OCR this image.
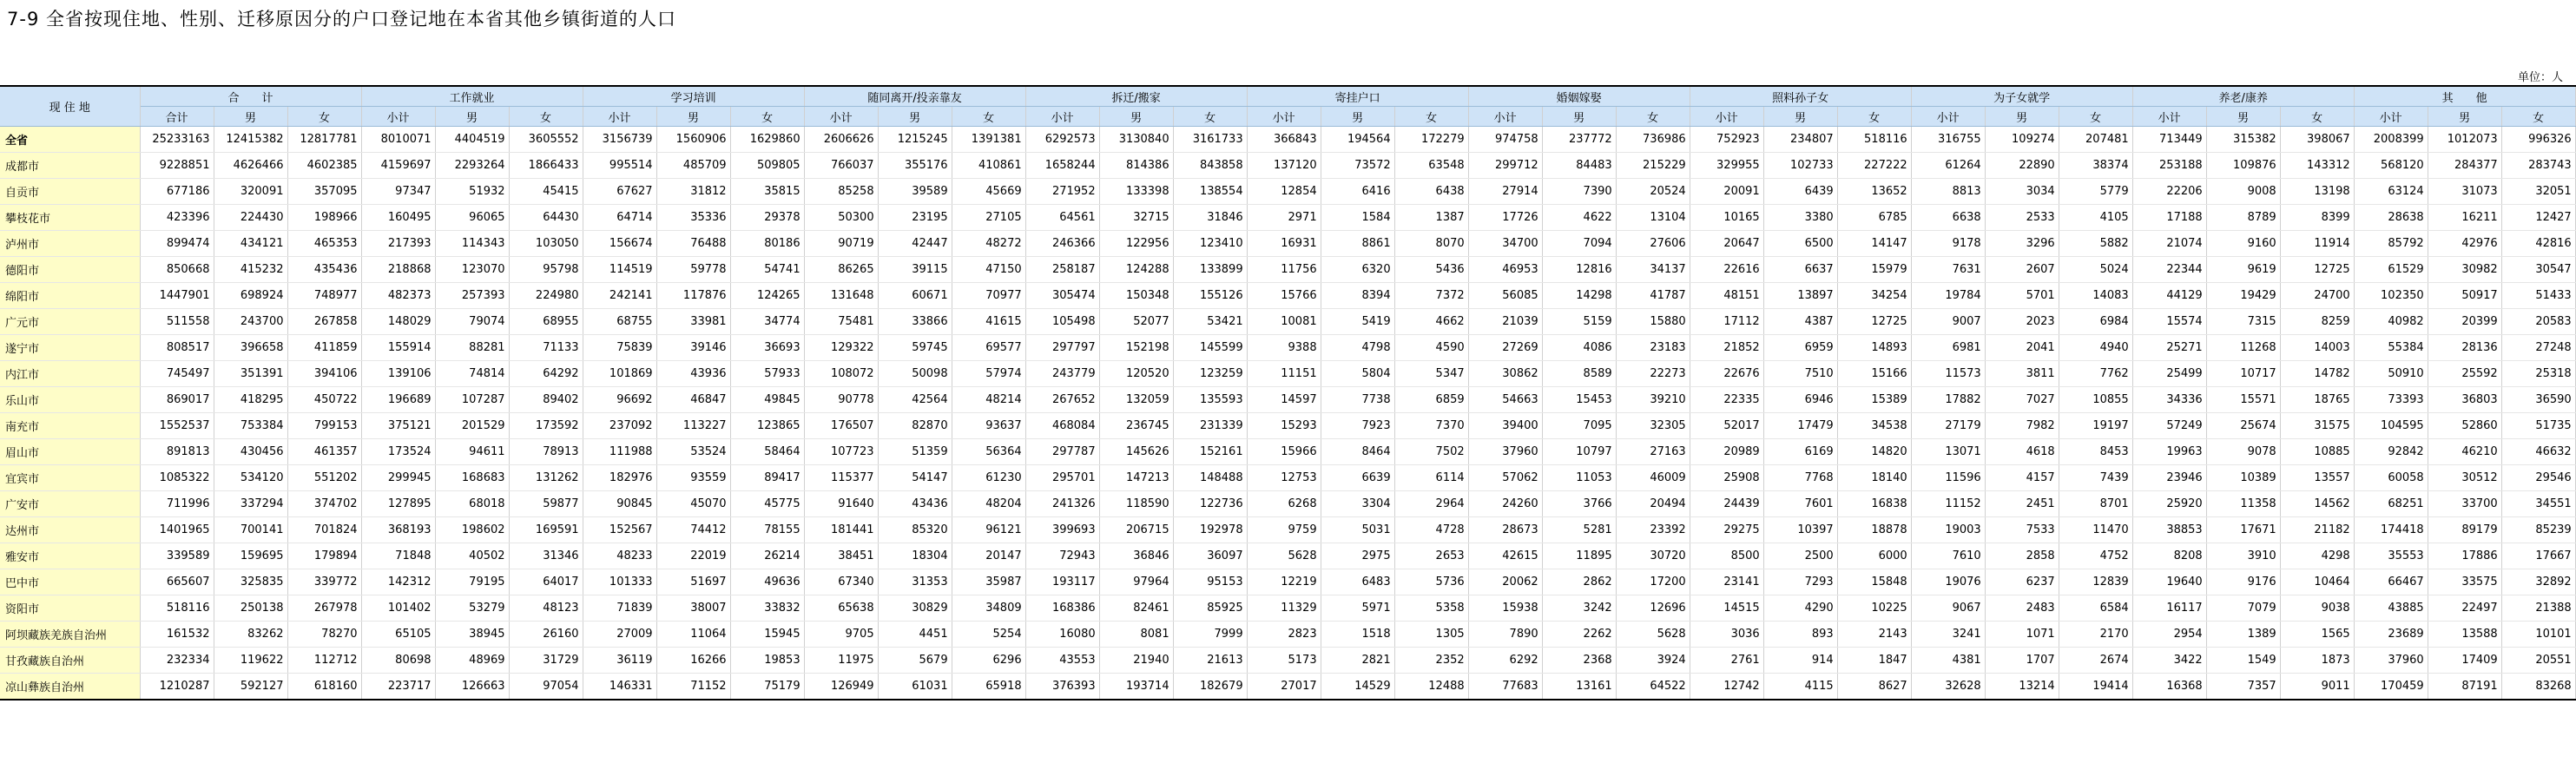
7-9 全省按现住地、性别、迁移原因分的户口登记地在本省其他乡镇街道的人口
单位：人
现 住 地	合　　计			工作就业			学习培训			随同离开/投亲靠友			拆迁/搬家			寄挂户口			婚姻嫁娶			照料孙子女			为子女就学			养老/康养			其　　他		
	合计	男	女	小计	男	女	小计	男	女	小计	男	女	小计	男	女	小计	男	女	小计	男	女	小计	男	女	小计	男	女	小计	男	女	小计	男	女
全省	25233163	12415382	12817781	8010071	4404519	3605552	3156739	1560906	1629860	2606626	1215245	1391381	6292573	3130840	3161733	366843	194564	172279	974758	237772	736986	752923	234807	518116	316755	109274	207481	713449	315382	398067	2008399	1012073	996326
成都市	9228851	4626466	4602385	4159697	2293264	1866433	995514	485709	509805	766037	355176	410861	1658244	814386	843858	137120	73572	63548	299712	84483	215229	329955	102733	227222	61264	22890	38374	253188	109876	143312	568120	284377	283743
自贡市	677186	320091	357095	97347	51932	45415	67627	31812	35815	85258	39589	45669	271952	133398	138554	12854	6416	6438	27914	7390	20524	20091	6439	13652	8813	3034	5779	22206	9008	13198	63124	31073	32051
攀枝花市	423396	224430	198966	160495	96065	64430	64714	35336	29378	50300	23195	27105	64561	32715	31846	2971	1584	1387	17726	4622	13104	10165	3380	6785	6638	2533	4105	17188	8789	8399	28638	16211	12427
泸州市	899474	434121	465353	217393	114343	103050	156674	76488	80186	90719	42447	48272	246366	122956	123410	16931	8861	8070	34700	7094	27606	20647	6500	14147	9178	3296	5882	21074	9160	11914	85792	42976	42816
德阳市	850668	415232	435436	218868	123070	95798	114519	59778	54741	86265	39115	47150	258187	124288	133899	11756	6320	5436	46953	12816	34137	22616	6637	15979	7631	2607	5024	22344	9619	12725	61529	30982	30547
绵阳市	1447901	698924	748977	482373	257393	224980	242141	117876	124265	131648	60671	70977	305474	150348	155126	15766	8394	7372	56085	14298	41787	48151	13897	34254	19784	5701	14083	44129	19429	24700	102350	50917	51433
广元市	511558	243700	267858	148029	79074	68955	68755	33981	34774	75481	33866	41615	105498	52077	53421	10081	5419	4662	21039	5159	15880	17112	4387	12725	9007	2023	6984	15574	7315	8259	40982	20399	20583
遂宁市	808517	396658	411859	155914	88281	71133	75839	39146	36693	129322	59745	69577	297797	152198	145599	9388	4798	4590	27269	4086	23183	21852	6959	14893	6981	2041	4940	25271	11268	14003	55384	28136	27248
内江市	745497	351391	394106	139106	74814	64292	101869	43936	57933	108072	50098	57974	243779	120520	123259	11151	5804	5347	30862	8589	22273	22676	7510	15166	11573	3811	7762	25499	10717	14782	50910	25592	25318
乐山市	869017	418295	450722	196689	107287	89402	96692	46847	49845	90778	42564	48214	267652	132059	135593	14597	7738	6859	54663	15453	39210	22335	6946	15389	17882	7027	10855	34336	15571	18765	73393	36803	36590
南充市	1552537	753384	799153	375121	201529	173592	237092	113227	123865	176507	82870	93637	468084	236745	231339	15293	7923	7370	39400	7095	32305	52017	17479	34538	27179	7982	19197	57249	25674	31575	104595	52860	51735
眉山市	891813	430456	461357	173524	94611	78913	111988	53524	58464	107723	51359	56364	297787	145626	152161	15966	8464	7502	37960	10797	27163	20989	6169	14820	13071	4618	8453	19963	9078	10885	92842	46210	46632
宜宾市	1085322	534120	551202	299945	168683	131262	182976	93559	89417	115377	54147	61230	295701	147213	148488	12753	6639	6114	57062	11053	46009	25908	7768	18140	11596	4157	7439	23946	10389	13557	60058	30512	29546
广安市	711996	337294	374702	127895	68018	59877	90845	45070	45775	91640	43436	48204	241326	118590	122736	6268	3304	2964	24260	3766	20494	24439	7601	16838	11152	2451	8701	25920	11358	14562	68251	33700	34551
达州市	1401965	700141	701824	368193	198602	169591	152567	74412	78155	181441	85320	96121	399693	206715	192978	9759	5031	4728	28673	5281	23392	29275	10397	18878	19003	7533	11470	38853	17671	21182	174418	89179	85239
雅安市	339589	159695	179894	71848	40502	31346	48233	22019	26214	38451	18304	20147	72943	36846	36097	5628	2975	2653	42615	11895	30720	8500	2500	6000	7610	2858	4752	8208	3910	4298	35553	17886	17667
巴中市	665607	325835	339772	142312	79195	64017	101333	51697	49636	67340	31353	35987	193117	97964	95153	12219	6483	5736	20062	2862	17200	23141	7293	15848	19076	6237	12839	19640	9176	10464	66467	33575	32892
资阳市	518116	250138	267978	101402	53279	48123	71839	38007	33832	65638	30829	34809	168386	82461	85925	11329	5971	5358	15938	3242	12696	14515	4290	10225	9067	2483	6584	16117	7079	9038	43885	22497	21388
阿坝藏族羌族自治州	161532	83262	78270	65105	38945	26160	27009	11064	15945	9705	4451	5254	16080	8081	7999	2823	1518	1305	7890	2262	5628	3036	893	2143	3241	1071	2170	2954	1389	1565	23689	13588	10101
甘孜藏族自治州	232334	119622	112712	80698	48969	31729	36119	16266	19853	11975	5679	6296	43553	21940	21613	5173	2821	2352	6292	2368	3924	2761	914	1847	4381	1707	2674	3422	1549	1873	37960	17409	20551
凉山彝族自治州	1210287	592127	618160	223717	126663	97054	146331	71152	75179	126949	61031	65918	376393	193714	182679	27017	14529	12488	77683	13161	64522	12742	4115	8627	32628	13214	19414	16368	7357	9011	170459	87191	83268
